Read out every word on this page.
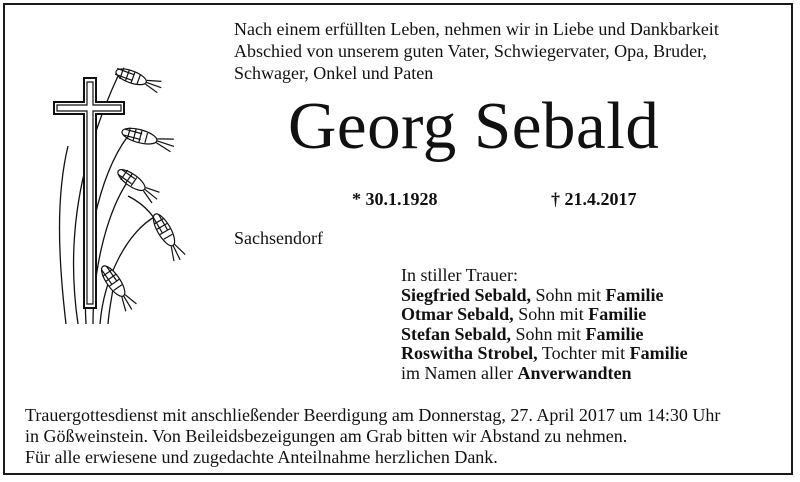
Nach einem erfüllten Leben, nehmen wir in Liebe und Dankbarkeit
Abschied von unserem guten Vater, Schwiegervater, Opa, Bruder,
Schwager, Onkel und Paten
Georg Sebald
* 30.1.1928	† 21.4.2017
Sachsendorf
In stiller Trauer:
Siegfried Sebald, Sohn mit Familie
Otmar Sebald, Sohn mit Familie
Stefan Sebald, Sohn mit Familie
Roswitha Strobel, Tochter mit Familie
im Namen aller Anverwandten
Trauergottesdienst mit anschließender Beerdigung am Donnerstag, 27. April 2017 um 14:30 Uhr
in Gößweinstein. Von Beileidsbezeigungen am Grab bitten wir Abstand zu nehmen.
Für alle erwiesene und zugedachte Anteilnahme herzlichen Dank.
